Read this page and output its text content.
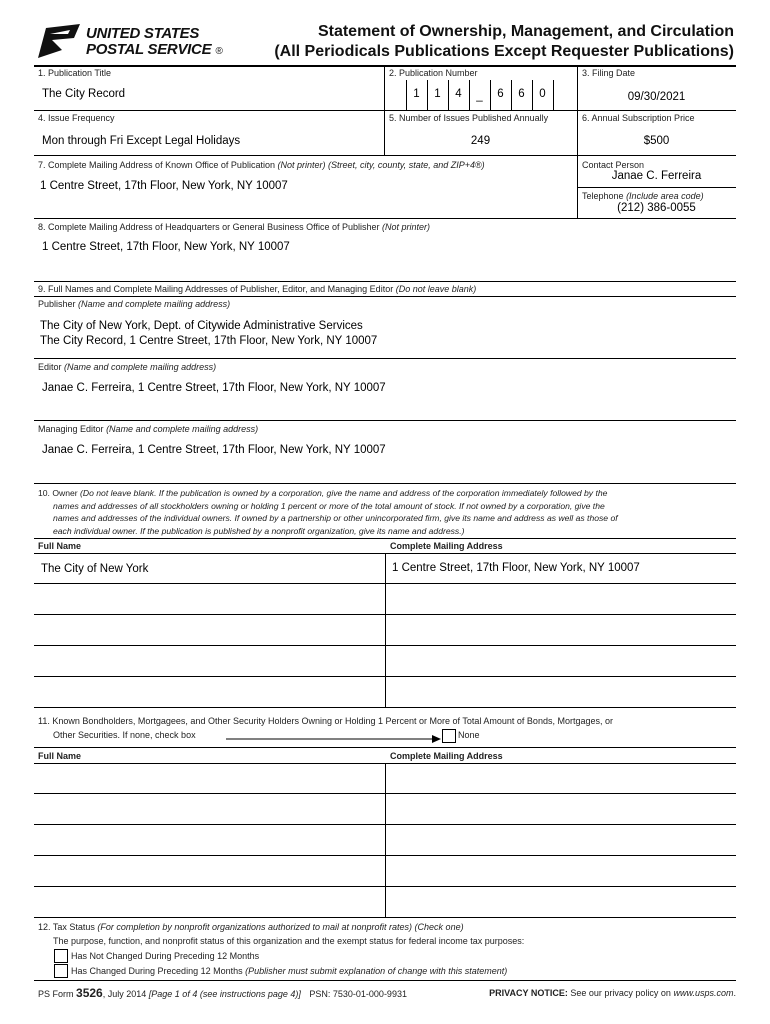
UNITED STATES
POSTAL SERVICE ®
Statement of Ownership, Management, and Circulation
(All Periodicals Publications Except Requester Publications)
1. Publication Title
The City Record
2. Publication Number
1	1	4	_	6	6	0
3. Filing Date
09/30/2021
4. Issue Frequency
Mon through Fri Except Legal Holidays
5. Number of Issues Published Annually
249
6. Annual Subscription Price
$500
7. Complete Mailing Address of Known Office of Publication (Not printer) (Street, city, county, state, and ZIP+4®)
1 Centre Street, 17th Floor, New York, NY 10007
Contact Person
Janae C. Ferreira
Telephone (Include area code)
(212) 386-0055
8. Complete Mailing Address of Headquarters or General Business Office of Publisher (Not printer)
1 Centre Street, 17th Floor, New York, NY 10007
9. Full Names and Complete Mailing Addresses of Publisher, Editor, and Managing Editor (Do not leave blank)
Publisher (Name and complete mailing address)
The City of New York, Dept. of Citywide Administrative Services
The City Record, 1 Centre Street, 17th Floor, New York, NY 10007
Editor (Name and complete mailing address)
Janae C. Ferreira, 1 Centre Street, 17th Floor, New York, NY 10007
Managing Editor (Name and complete mailing address)
Janae C. Ferreira, 1 Centre Street, 17th Floor, New York, NY 10007
10. Owner (Do not leave blank. If the publication is owned by a corporation, give the name and address of the corporation immediately followed by the
names and addresses of all stockholders owning or holding 1 percent or more of the total amount of stock. If not owned by a corporation, give the
names and addresses of the individual owners. If owned by a partnership or other unincorporated firm, give its name and address as well as those of
each individual owner. If the publication is published by a nonprofit organization, give its name and address.)
Full Name	Complete Mailing Address
The City of New York	1 Centre Street, 17th Floor, New York, NY 10007
11. Known Bondholders, Mortgagees, and Other Security Holders Owning or Holding 1 Percent or More of Total Amount of Bonds, Mortgages, or
Other Securities. If none, check box	None
Full Name	Complete Mailing Address
12. Tax Status (For completion by nonprofit organizations authorized to mail at nonprofit rates) (Check one)
The purpose, function, and nonprofit status of this organization and the exempt status for federal income tax purposes:
Has Not Changed During Preceding 12 Months
Has Changed During Preceding 12 Months (Publisher must submit explanation of change with this statement)
PS Form 3526, July 2014 [Page 1 of 4 (see instructions page 4)] PSN: 7530-01-000-9931	PRIVACY NOTICE: See our privacy policy on www.usps.com.
